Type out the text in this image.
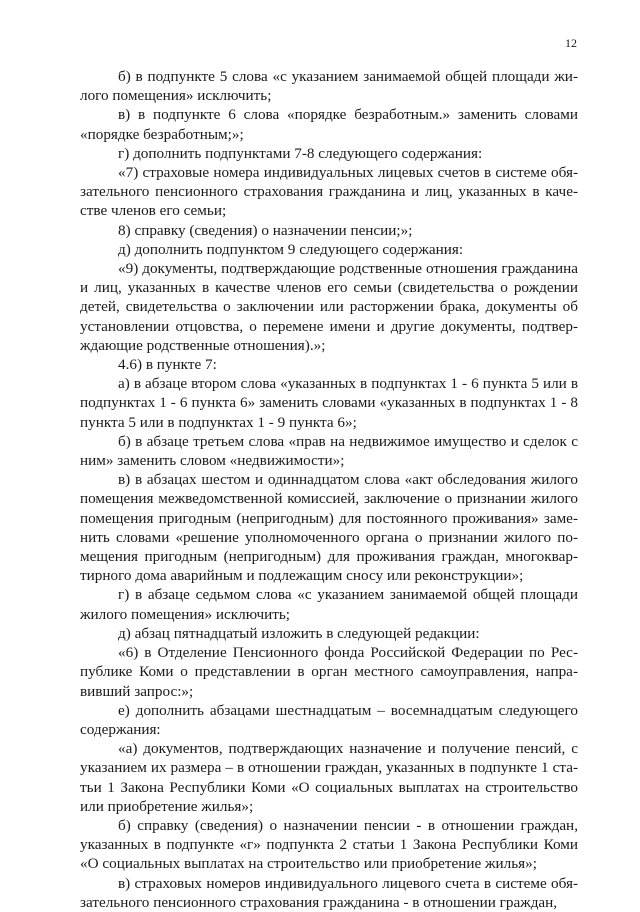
12

б) в подпункте 5 слова «с указанием занимаемой общей площади жилого помещения» исключить;

в) в подпункте 6 слова «порядке безработным.» заменить словами «порядке безработным;»;

г) дополнить подпунктами 7-8 следующего содержания:

«7) страховые номера индивидуальных лицевых счетов в системе обязательного пенсионного страхования гражданина и лиц, указанных в качестве членов его семьи;

8) справку (сведения) о назначении пенсии;»;

д) дополнить подпунктом 9 следующего содержания:

«9) документы, подтверждающие родственные отношения гражданина и лиц, указанных в качестве членов его семьи (свидетельства о рождении детей, свидетельства о заключении или расторжении брака, документы об установлении отцовства, о перемене имени и другие документы, подтверждающие родственные отношения).»;

4.6) в пункте 7:

а) в абзаце втором слова «указанных в подпунктах 1 - 6 пункта 5 или в подпунктах 1 - 6 пункта 6» заменить словами «указанных в подпунктах 1 - 8 пункта 5 или в подпунктах 1 - 9 пункта 6»;

б) в абзаце третьем слова «прав на недвижимое имущество и сделок с ним» заменить словом «недвижимости»;

в) в абзацах шестом и одиннадцатом слова «акт обследования жилого помещения межведомственной комиссией, заключение о признании жилого помещения пригодным (непригодным) для постоянного проживания» заменить словами «решение уполномоченного органа о признании жилого помещения пригодным (непригодным) для проживания граждан, многоквартирного дома аварийным и подлежащим сносу или реконструкции»;

г) в абзаце седьмом слова «с указанием занимаемой общей площади жилого помещения» исключить;

д) абзац пятнадцатый изложить в следующей редакции:

«6) в Отделение Пенсионного фонда Российской Федерации по Республике Коми о представлении в орган местного самоуправления, направивший запрос:»;

е) дополнить абзацами шестнадцатым – восемнадцатым следующего содержания:

«а) документов, подтверждающих назначение и получение пенсий, с указанием их размера – в отношении граждан, указанных в подпункте 1 статьи 1 Закона Республики Коми «О социальных выплатах на строительство или приобретение жилья»;

б) справку (сведения) о назначении пенсии - в отношении граждан, указанных в подпункте «г» подпункта 2 статьи 1 Закона Республики Коми «О социальных выплатах на строительство или приобретение жилья»;

в) страховых номеров индивидуального лицевого счета в системе обязательного пенсионного страхования гражданина - в отношении граждан,
